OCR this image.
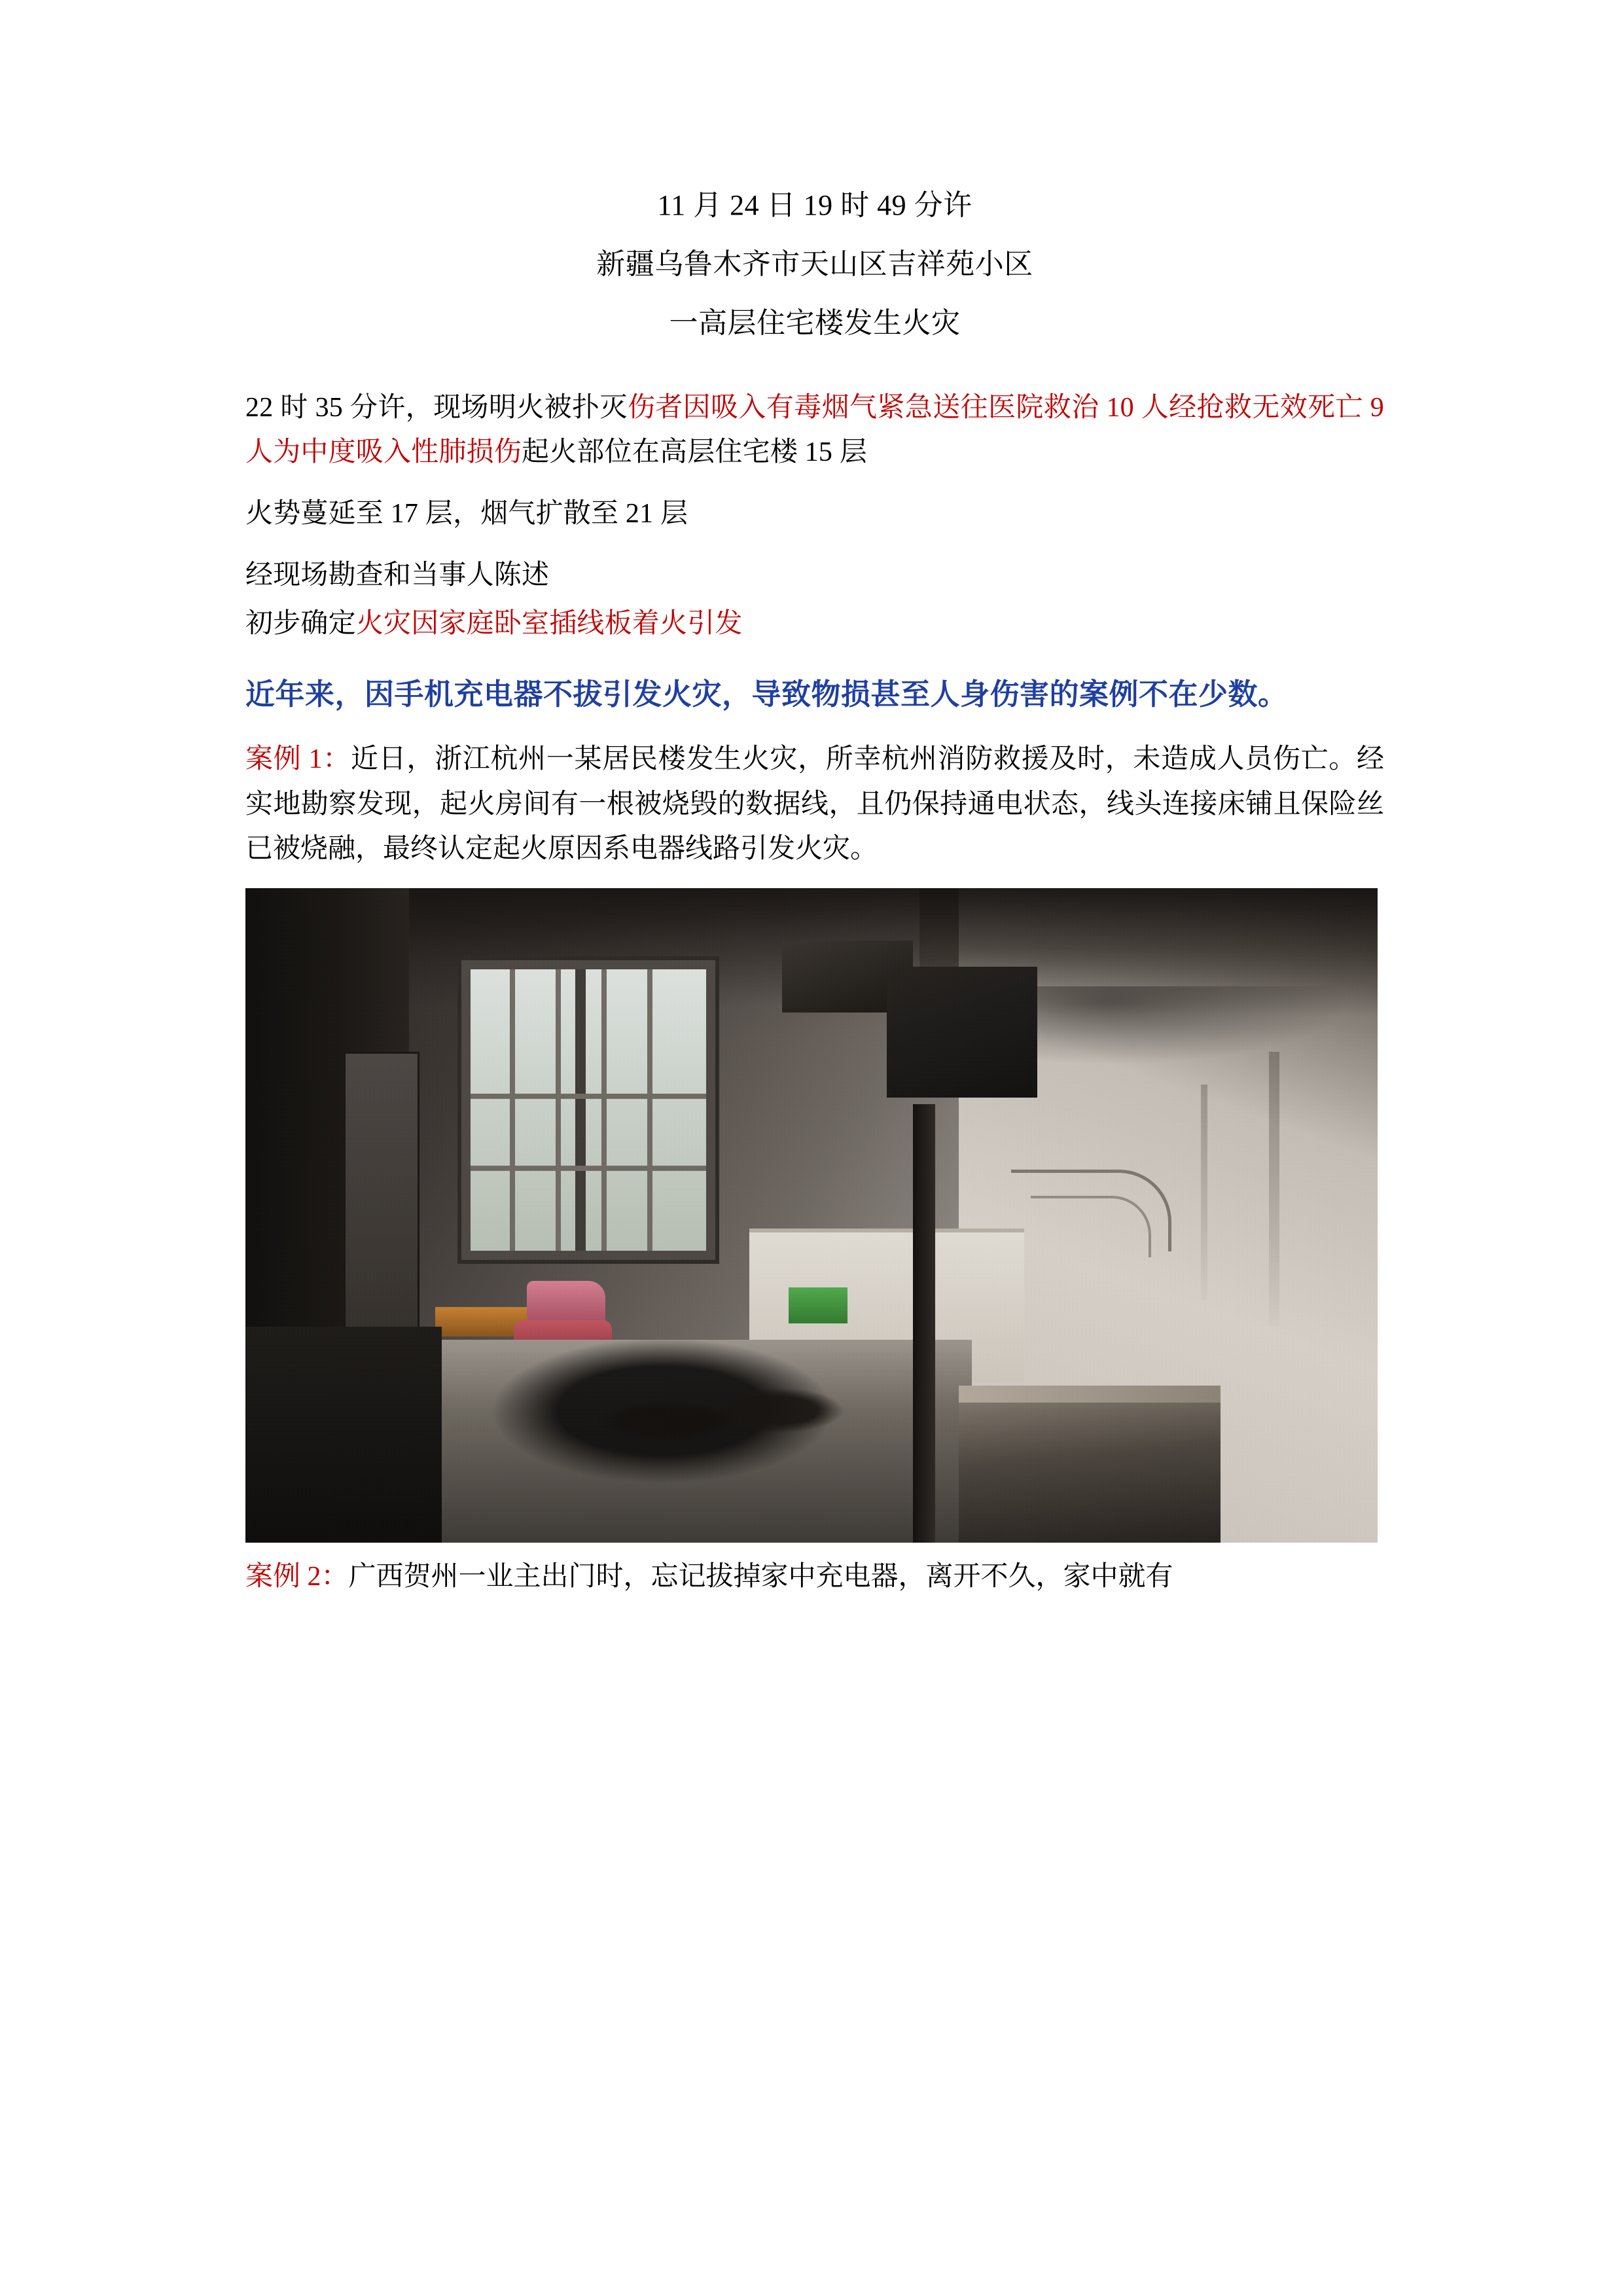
11 月 24 日 19 时 49 分许
新疆乌鲁木齐市天山区吉祥苑小区
一高层住宅楼发生火灾

22 时 35 分许，现场明火被扑灭伤者因吸入有毒烟气紧急送往医院救治 10 人经抢救无效死亡 9 人为中度吸入性肺损伤起火部位在高层住宅楼 15 层

火势蔓延至 17 层，烟气扩散至 21 层

经现场勘查和当事人陈述

初步确定火灾因家庭卧室插线板着火引发

近年来，因手机充电器不拔引发火灾，导致物损甚至人身伤害的案例不在少数。

案例 1：近日，浙江杭州一某居民楼发生火灾，所幸杭州消防救援及时，未造成人员伤亡。经实地勘察发现，起火房间有一根被烧毁的数据线，且仍保持通电状态，线头连接床铺且保险丝已被烧融，最终认定起火原因系电器线路引发火灾。

案例 2：广西贺州一业主出门时，忘记拔掉家中充电器，离开不久，家中就有
